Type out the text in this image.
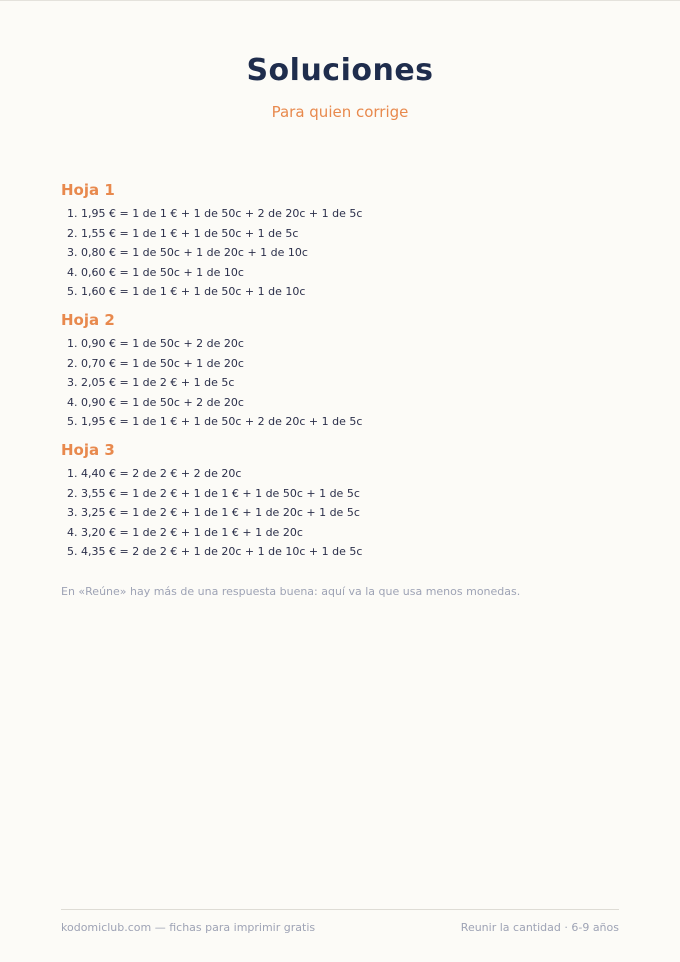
Soluciones
Para quien corrige
Hoja 1
1. 1,95 € = 1 de 1 € + 1 de 50c + 2 de 20c + 1 de 5c
2. 1,55 € = 1 de 1 € + 1 de 50c + 1 de 5c
3. 0,80 € = 1 de 50c + 1 de 20c + 1 de 10c
4. 0,60 € = 1 de 50c + 1 de 10c
5. 1,60 € = 1 de 1 € + 1 de 50c + 1 de 10c
Hoja 2
1. 0,90 € = 1 de 50c + 2 de 20c
2. 0,70 € = 1 de 50c + 1 de 20c
3. 2,05 € = 1 de 2 € + 1 de 5c
4. 0,90 € = 1 de 50c + 2 de 20c
5. 1,95 € = 1 de 1 € + 1 de 50c + 2 de 20c + 1 de 5c
Hoja 3
1. 4,40 € = 2 de 2 € + 2 de 20c
2. 3,55 € = 1 de 2 € + 1 de 1 € + 1 de 50c + 1 de 5c
3. 3,25 € = 1 de 2 € + 1 de 1 € + 1 de 20c + 1 de 5c
4. 3,20 € = 1 de 2 € + 1 de 1 € + 1 de 20c
5. 4,35 € = 2 de 2 € + 1 de 20c + 1 de 10c + 1 de 5c
En «Reúne» hay más de una respuesta buena: aquí va la que usa menos monedas.
kodomiclub.com — fichas para imprimir gratis	Reunir la cantidad · 6-9 años
